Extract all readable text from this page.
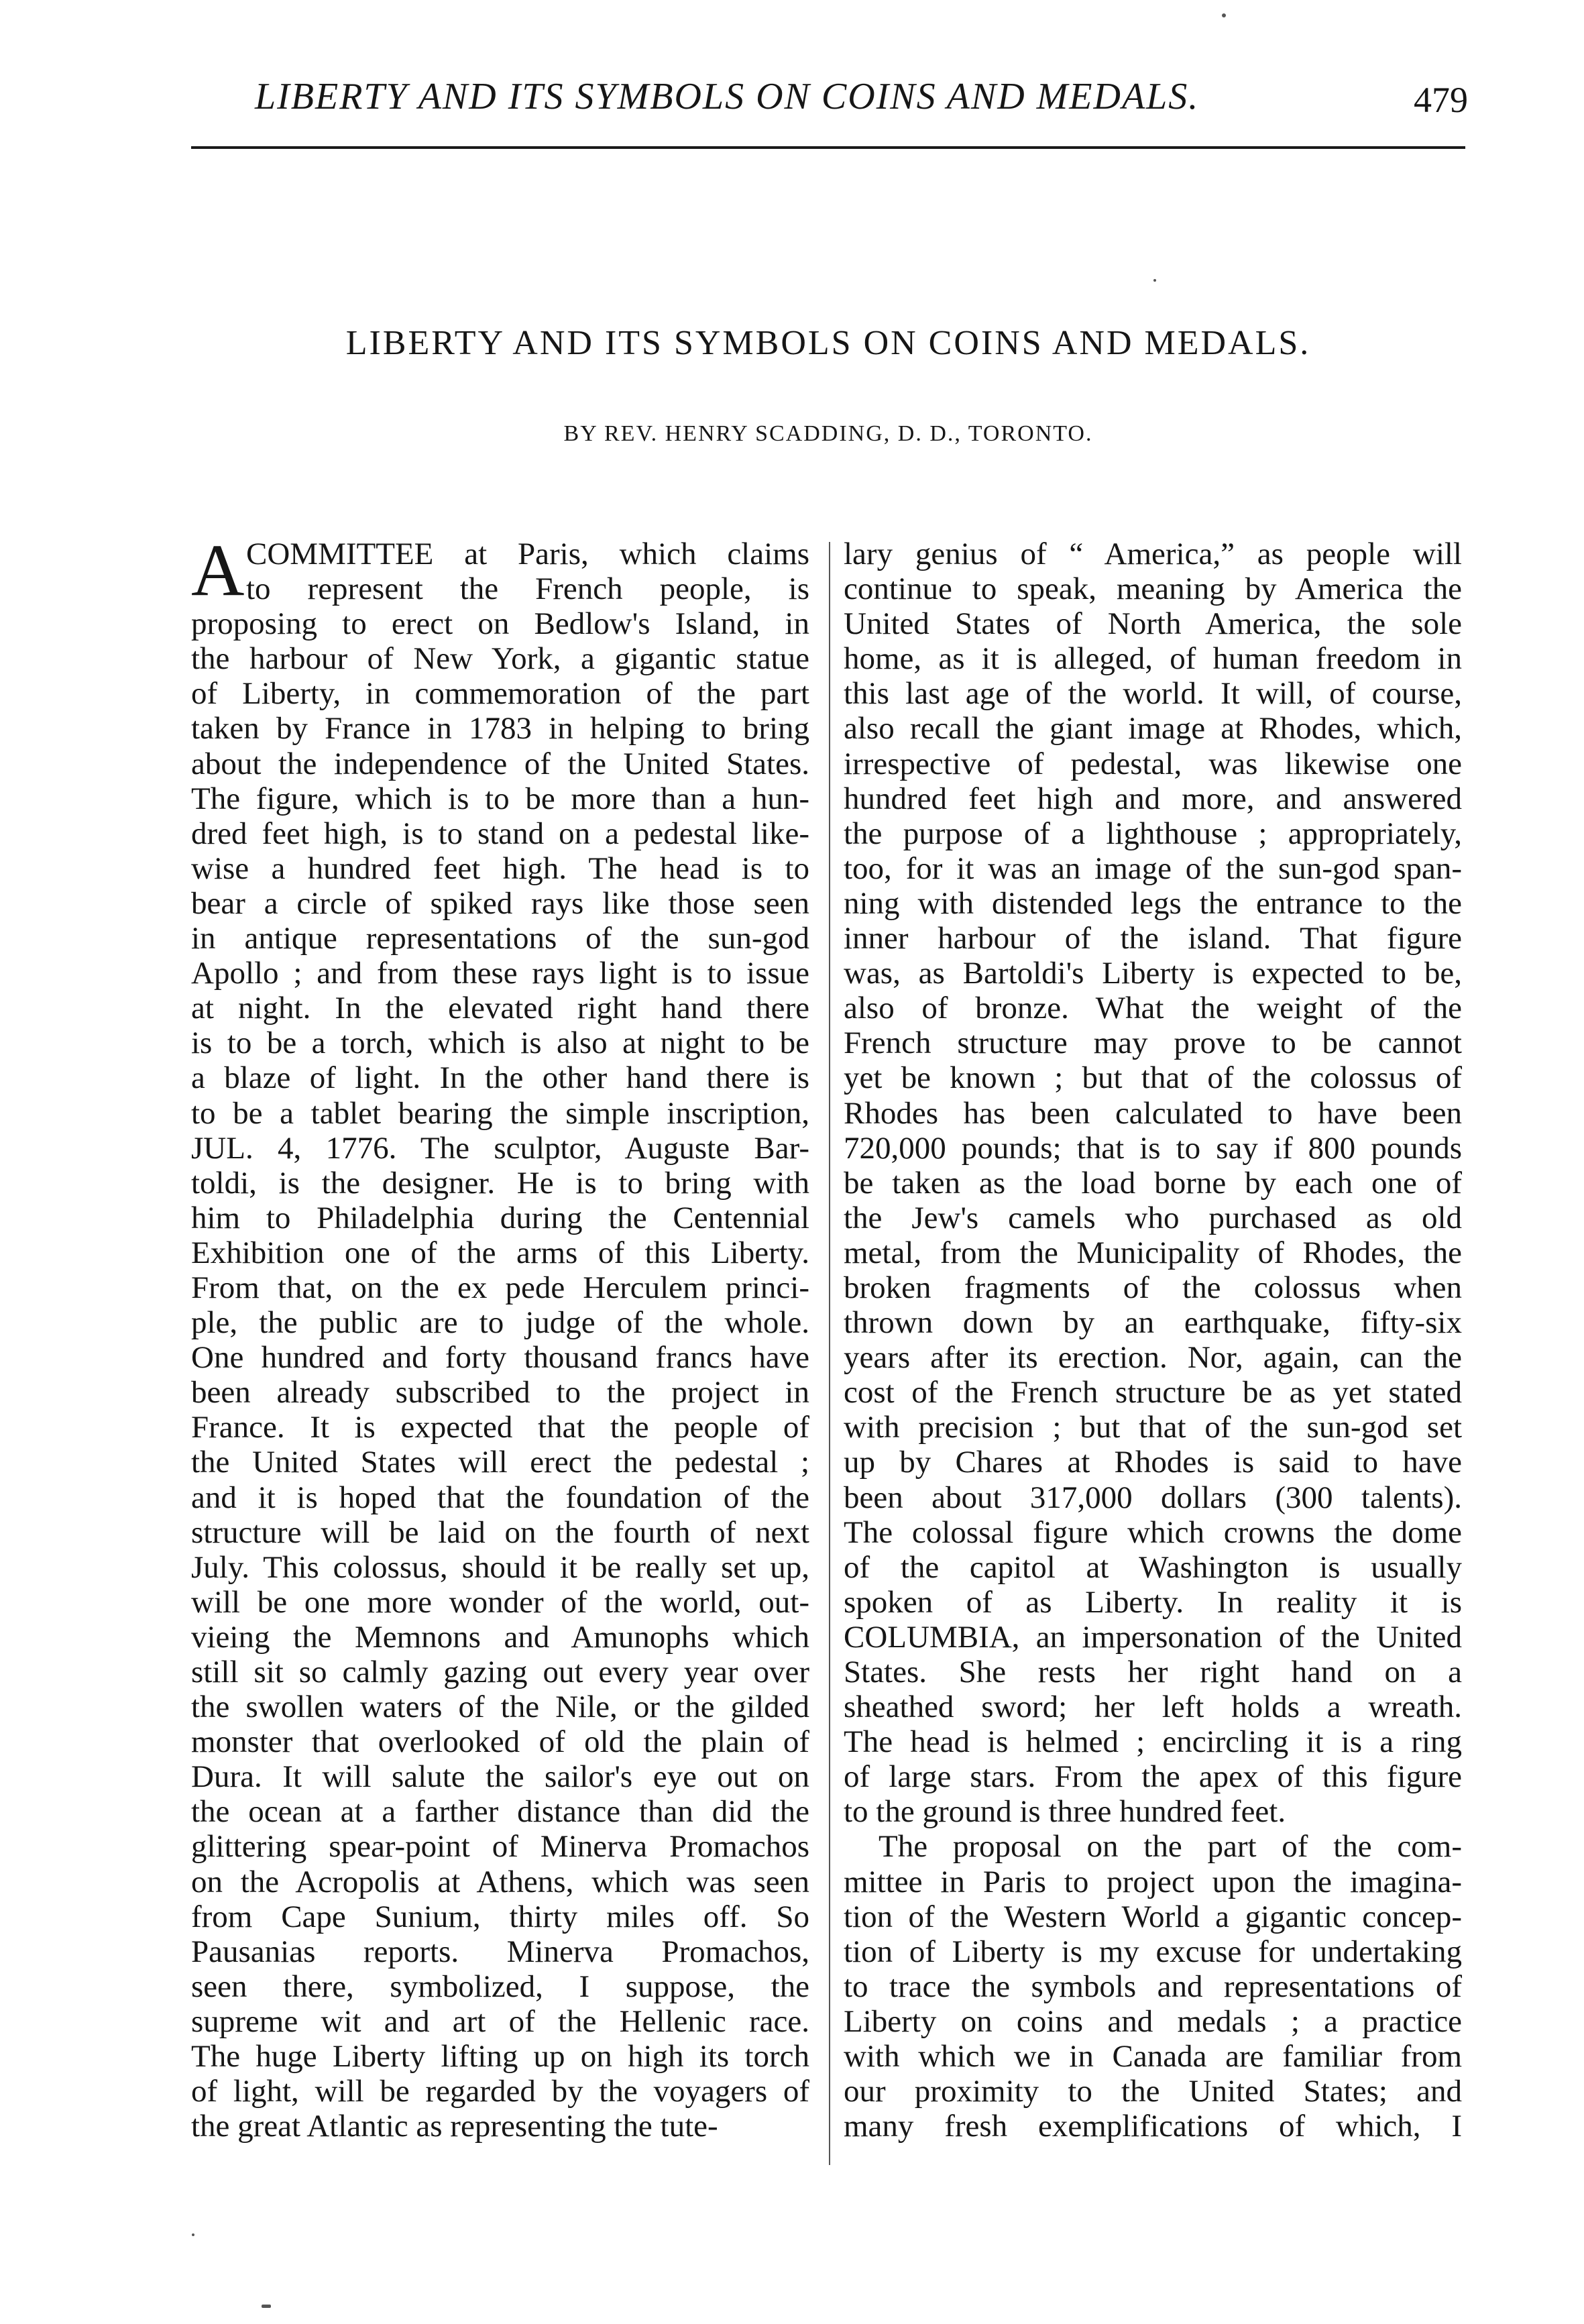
LIBERTY AND ITS SYMBOLS ON COINS AND MEDALS.	479
LIBERTY AND ITS SYMBOLS ON COINS AND MEDALS.
BY REV. HENRY SCADDING, D. D., TORONTO.

A COMMITTEE at Paris, which claims

to represent the French people, is

proposing to erect on Bedlow's Island, in

the harbour of New York, a gigantic statue

of Liberty, in commemoration of the part

taken by France in 1783 in helping to bring

about the independence of the United States.

The figure, which is to be more than a hun-

dred feet high, is to stand on a pedestal like-

wise a hundred feet high. The head is to

bear a circle of spiked rays like those seen

in antique representations of the sun-god

Apollo ; and from these rays light is to issue

at night. In the elevated right hand there

is to be a torch, which is also at night to be

a blaze of light. In the other hand there is

to be a tablet bearing the simple inscription,

JUL. 4, 1776. The sculptor, Auguste Bar-

toldi, is the designer. He is to bring with

him to Philadelphia during the Centennial

Exhibition one of the arms of this Liberty.

From that, on the ex pede Herculem princi-

ple, the public are to judge of the whole.

One hundred and forty thousand francs have

been already subscribed to the project in

France. It is expected that the people of

the United States will erect the pedestal ;

and it is hoped that the foundation of the

structure will be laid on the fourth of next

July. This colossus, should it be really set up,

will be one more wonder of the world, out-

vieing the Memnons and Amunophs which

still sit so calmly gazing out every year over

the swollen waters of the Nile, or the gilded

monster that overlooked of old the plain of

Dura. It will salute the sailor's eye out on

the ocean at a farther distance than did the

glittering spear-point of Minerva Promachos

on the Acropolis at Athens, which was seen

from Cape Sunium, thirty miles off. So

Pausanias reports. Minerva Promachos,

seen there, symbolized, I suppose, the

supreme wit and art of the Hellenic race.

The huge Liberty lifting up on high its torch

of light, will be regarded by the voyagers of

the great Atlantic as representing the tute-

lary genius of “ America,” as people will

continue to speak, meaning by America the

United States of North America, the sole

home, as it is alleged, of human freedom in

this last age of the world. It will, of course,

also recall the giant image at Rhodes, which,

irrespective of pedestal, was likewise one

hundred feet high and more, and answered

the purpose of a lighthouse ; appropriately,

too, for it was an image of the sun-god span-

ning with distended legs the entrance to the

inner harbour of the island. That figure

was, as Bartoldi's Liberty is expected to be,

also of bronze. What the weight of the

French structure may prove to be cannot

yet be known ; but that of the colossus of

Rhodes has been calculated to have been

720,000 pounds; that is to say if 800 pounds

be taken as the load borne by each one of

the Jew's camels who purchased as old

metal, from the Municipality of Rhodes, the

broken fragments of the colossus when

thrown down by an earthquake, fifty-six

years after its erection. Nor, again, can the

cost of the French structure be as yet stated

with precision ; but that of the sun-god set

up by Chares at Rhodes is said to have

been about 317,000 dollars (300 talents).

The colossal figure which crowns the dome

of the capitol at Washington is usually

spoken of as Liberty. In reality it is

COLUMBIA, an impersonation of the United

States. She rests her right hand on a

sheathed sword; her left holds a wreath.

The head is helmed ; encircling it is a ring

of large stars. From the apex of this figure

to the ground is three hundred feet.

The proposal on the part of the com-

mittee in Paris to project upon the imagina-

tion of the Western World a gigantic concep-

tion of Liberty is my excuse for undertaking

to trace the symbols and representations of

Liberty on coins and medals ; a practice

with which we in Canada are familiar from

our proximity to the United States; and

many fresh exemplifications of which, I
